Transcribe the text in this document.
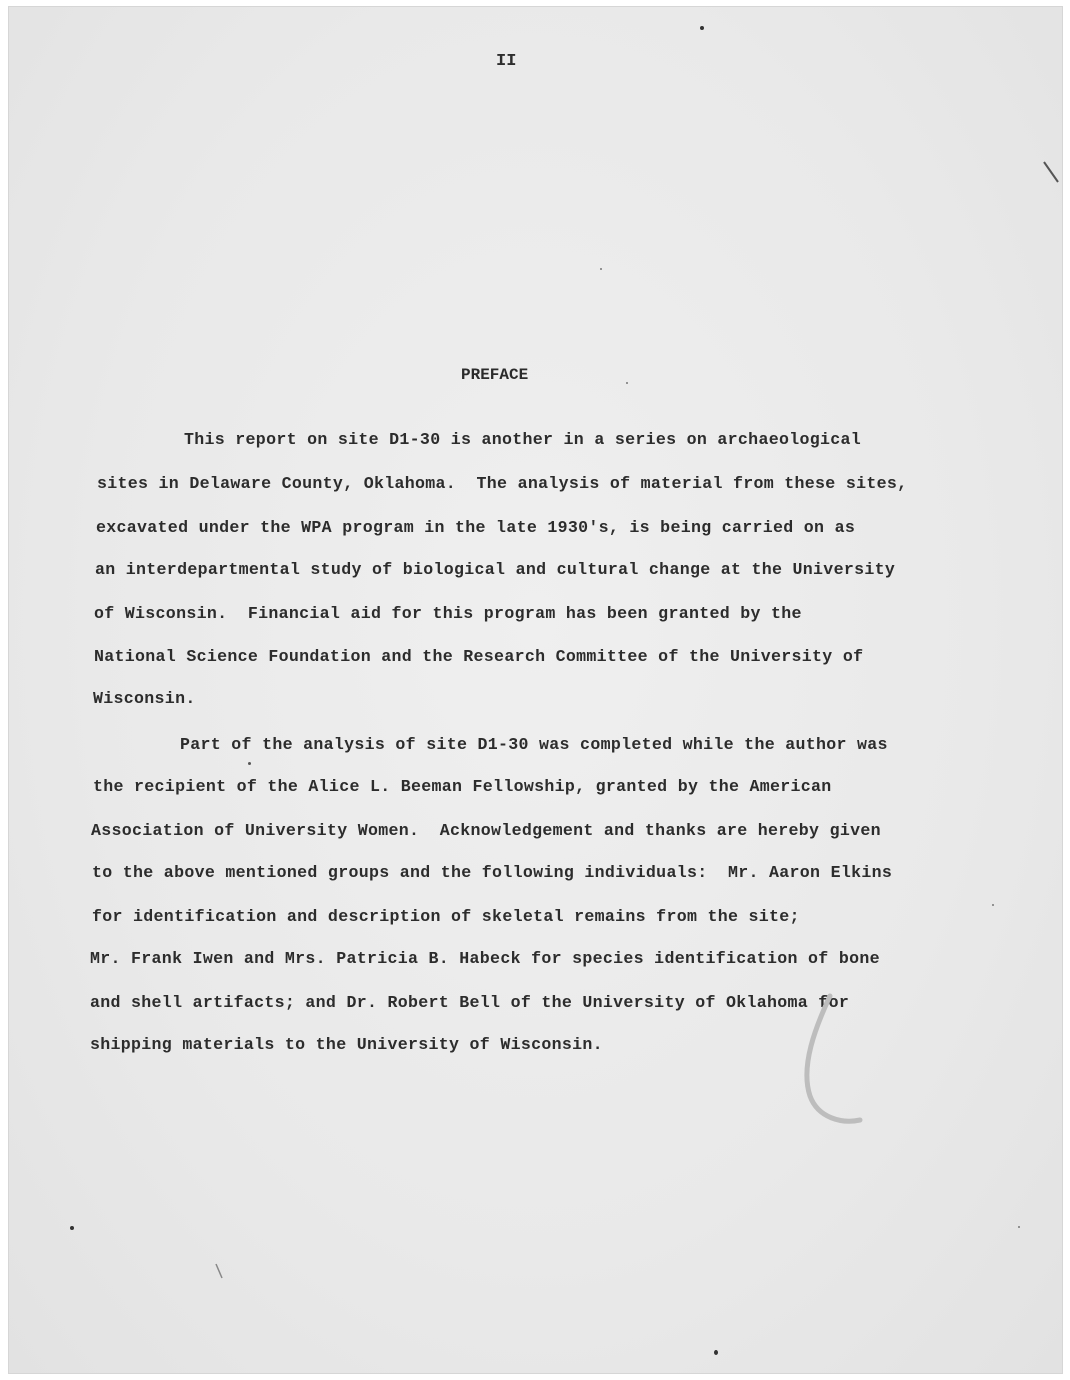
II
PREFACE
This report on site D1-30 is another in a series on archaeological
sites in Delaware County, Oklahoma.  The analysis of material from these sites,
excavated under the WPA program in the late 1930's, is being carried on as
an interdepartmental study of biological and cultural change at the University
of Wisconsin.  Financial aid for this program has been granted by the
National Science Foundation and the Research Committee of the University of
Wisconsin.
Part of the analysis of site D1-30 was completed while the author was
the recipient of the Alice L. Beeman Fellowship, granted by the American
Association of University Women.  Acknowledgement and thanks are hereby given
to the above mentioned groups and the following individuals:  Mr. Aaron Elkins
for identification and description of skeletal remains from the site;
Mr. Frank Iwen and Mrs. Patricia B. Habeck for species identification of bone
and shell artifacts; and Dr. Robert Bell of the University of Oklahoma for
shipping materials to the University of Wisconsin.
